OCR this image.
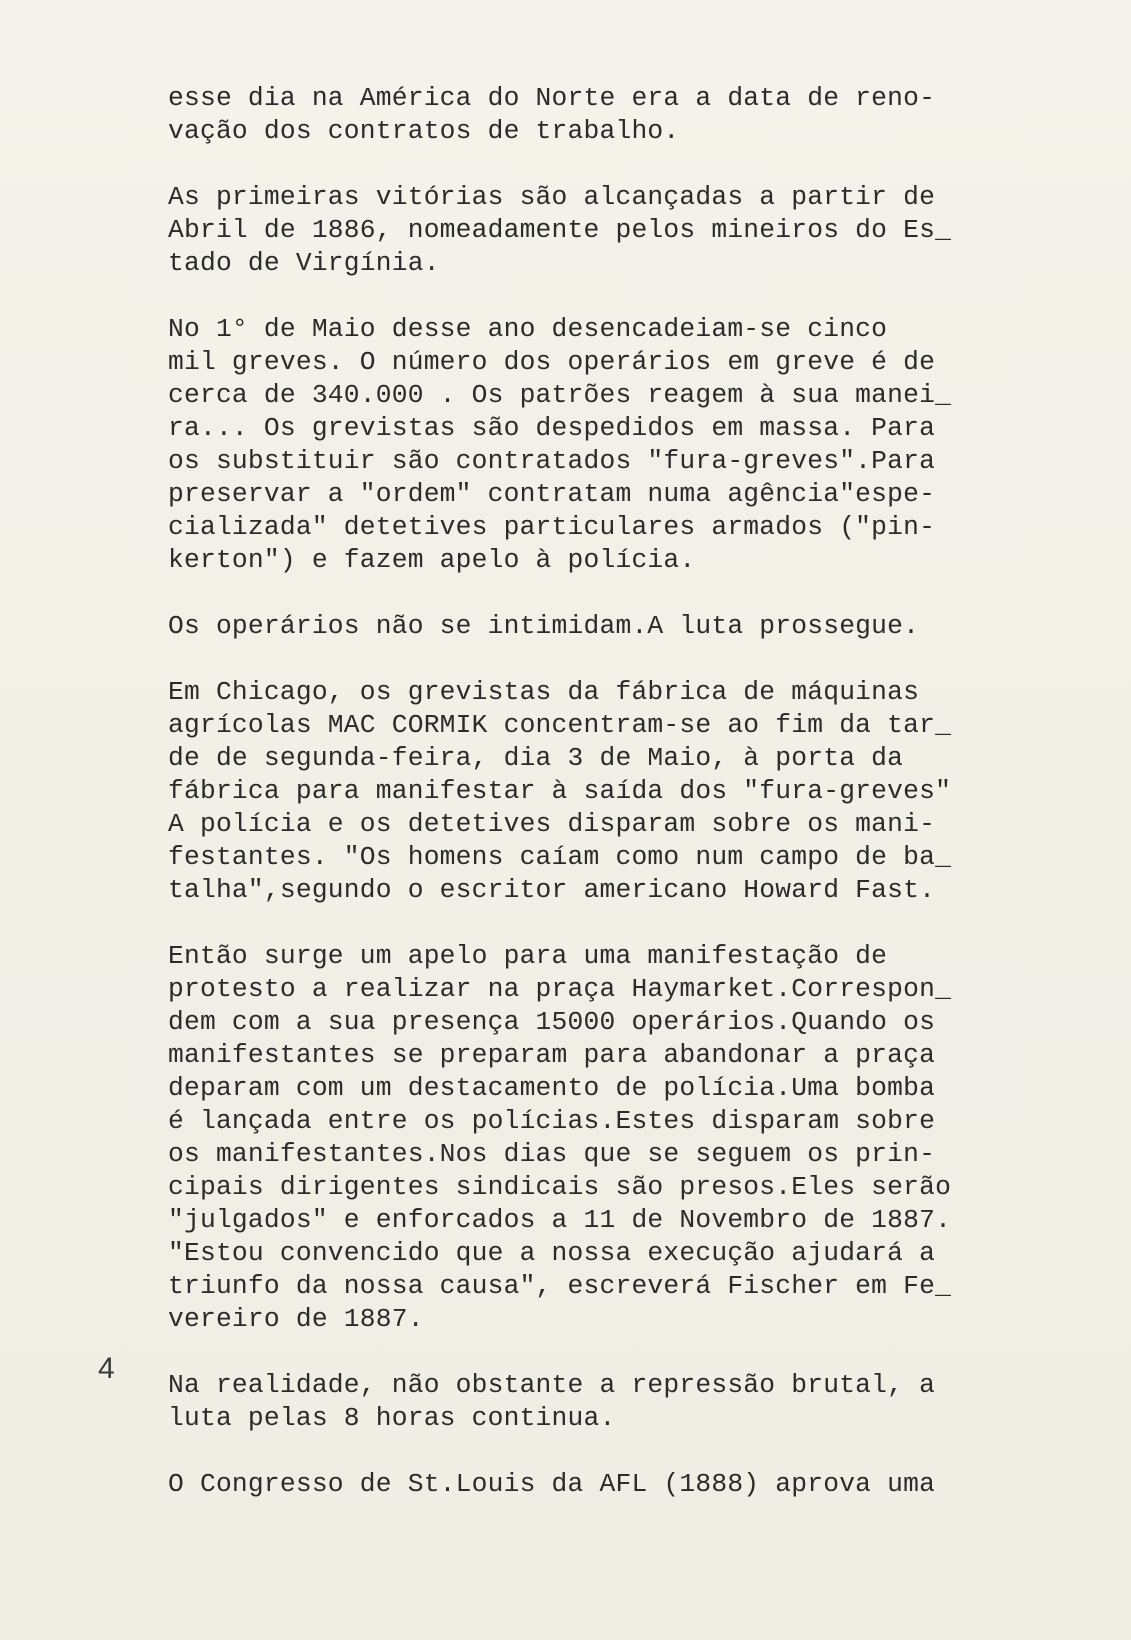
esse dia na América do Norte era a data de reno-
vação dos contratos de trabalho.
As primeiras vitórias são alcançadas a partir de
Abril de 1886, nomeadamente pelos mineiros do Es_
tado de Virgínia.
No 1° de Maio desse ano desencadeiam-se cinco
mil greves. O número dos operários em greve é de
cerca de 340.000 . Os patrões reagem à sua manei_
ra... Os grevistas são despedidos em massa. Para
os substituir são contratados "fura-greves".Para
preservar a "ordem" contratam numa agência"espe-
cializada" detetives particulares armados ("pin-
kerton") e fazem apelo à polícia.
Os operários não se intimidam.A luta prossegue.
Em Chicago, os grevistas da fábrica de máquinas
agrícolas MAC CORMIK concentram-se ao fim da tar_
de de segunda-feira, dia 3 de Maio, à porta da
fábrica para manifestar à saída dos "fura-greves"
A polícia e os detetives disparam sobre os mani-
festantes. "Os homens caíam como num campo de ba_
talha",segundo o escritor americano Howard Fast.
Então surge um apelo para uma manifestação de
protesto a realizar na praça Haymarket.Correspon_
dem com a sua presença 15000 operários.Quando os
manifestantes se preparam para abandonar a praça
deparam com um destacamento de polícia.Uma bomba
é lançada entre os polícias.Estes disparam sobre
os manifestantes.Nos dias que se seguem os prin-
cipais dirigentes sindicais são presos.Eles serão
"julgados" e enforcados a 11 de Novembro de 1887.
"Estou convencido que a nossa execução ajudará a
triunfo da nossa causa", escreverá Fischer em Fe_
vereiro de 1887.
Na realidade, não obstante a repressão brutal, a
luta pelas 8 horas continua.
O Congresso de St.Louis da AFL (1888) aprova uma
4
